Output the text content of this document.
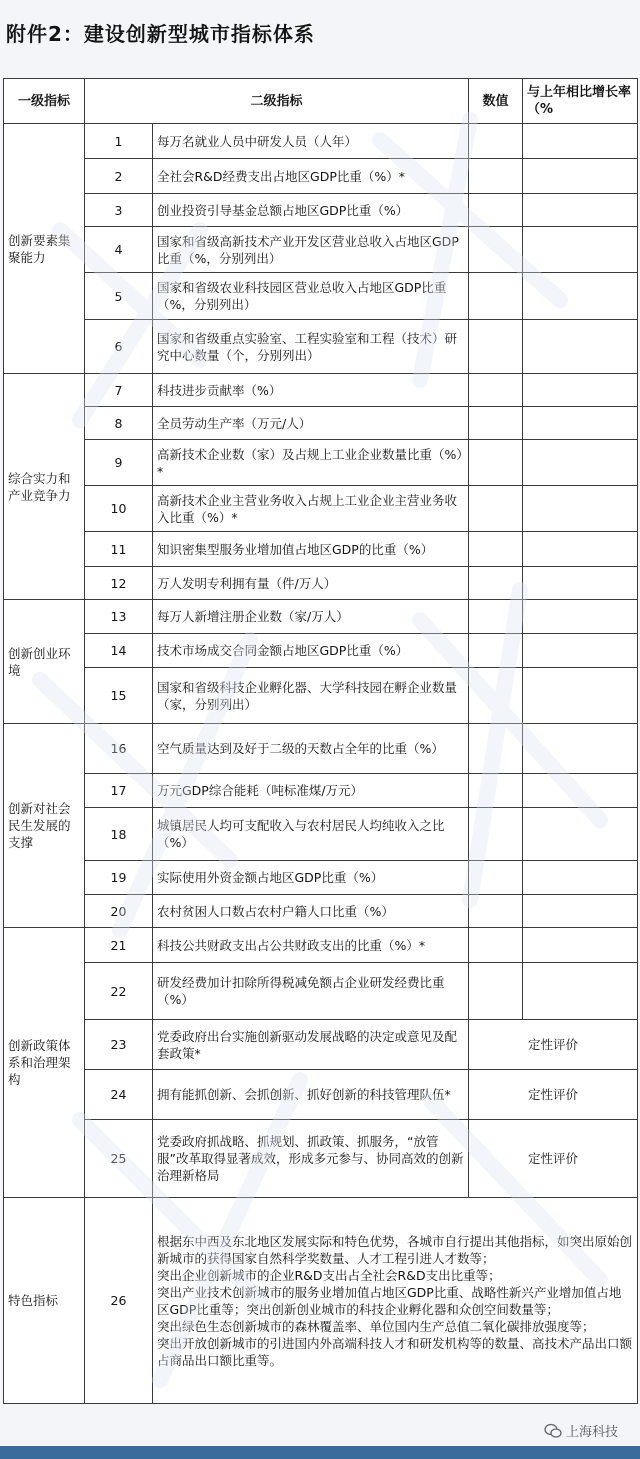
附件2：建设创新型城市指标体系
一级指标	二级指标		数值	与上年相比增长率（%
创新要素集聚能力	1	每万名就业人员中研发人员（人年）		
	2	全社会R&D经费支出占地区GDP比重（%）*		
	3	创业投资引导基金总额占地区GDP比重（%）		
	4	国家和省级高新技术产业开发区营业总收入占地区GDP比重（%，分别列出）		
	5	国家和省级农业科技园区营业总收入占地区GDP比重（%，分别列出）		
	6	国家和省级重点实验室、工程实验室和工程（技术）研究中心数量（个，分别列出）		
综合实力和产业竞争力	7	科技进步贡献率（%）		
	8	全员劳动生产率（万元/人）		
	9	高新技术企业数（家）及占规上工业企业数量比重（%）*		
	10	高新技术企业主营业务收入占规上工业企业主营业务收入比重（%）*		
	11	知识密集型服务业增加值占地区GDP的比重（%）		
	12	万人发明专利拥有量（件/万人）		
创新创业环境	13	每万人新增注册企业数（家/万人）		
	14	技术市场成交合同金额占地区GDP比重（%）		
	15	国家和省级科技企业孵化器、大学科技园在孵企业数量（家，分别列出）		
创新对社会民生发展的支撑	16	空气质量达到及好于二级的天数占全年的比重（%）		
	17	万元GDP综合能耗（吨标准煤/万元）		
	18	城镇居民人均可支配收入与农村居民人均纯收入之比（%）		
	19	实际使用外资金额占地区GDP比重（%）		
	20	农村贫困人口数占农村户籍人口比重（%）		
创新政策体系和治理架构	21	科技公共财政支出占公共财政支出的比重（%）*		
	22	研发经费加计扣除所得税减免额占企业研发经费比重（%）		
	23	党委政府出台实施创新驱动发展战略的决定或意见及配套政策*	定性评价	
	24	拥有能抓创新、会抓创新、抓好创新的科技管理队伍*	定性评价	
	25	党委政府抓战略、抓规划、抓政策、抓服务，“放管服”改革取得显著成效，形成多元参与、协同高效的创新治理新格局	定性评价	
特色指标	26	根据东中西及东北地区发展实际和特色优势，各城市自行提出其他指标，如突出原始创新城市的获得国家自然科学奖数量、人才工程引进人才数等；
突出企业创新城市的企业R&D支出占全社会R&D支出比重等；
突出产业技术创新城市的服务业增加值占地区GDP比重、战略性新兴产业增加值占地区GDP比重等；突出创新创业城市的科技企业孵化器和众创空间数量等；
突出绿色生态创新城市的森林覆盖率、单位国内生产总值二氧化碳排放强度等；
突出开放创新城市的引进国内外高端科技人才和研发机构等的数量、高技术产品出口额占商品出口额比重等。		
上海科技
